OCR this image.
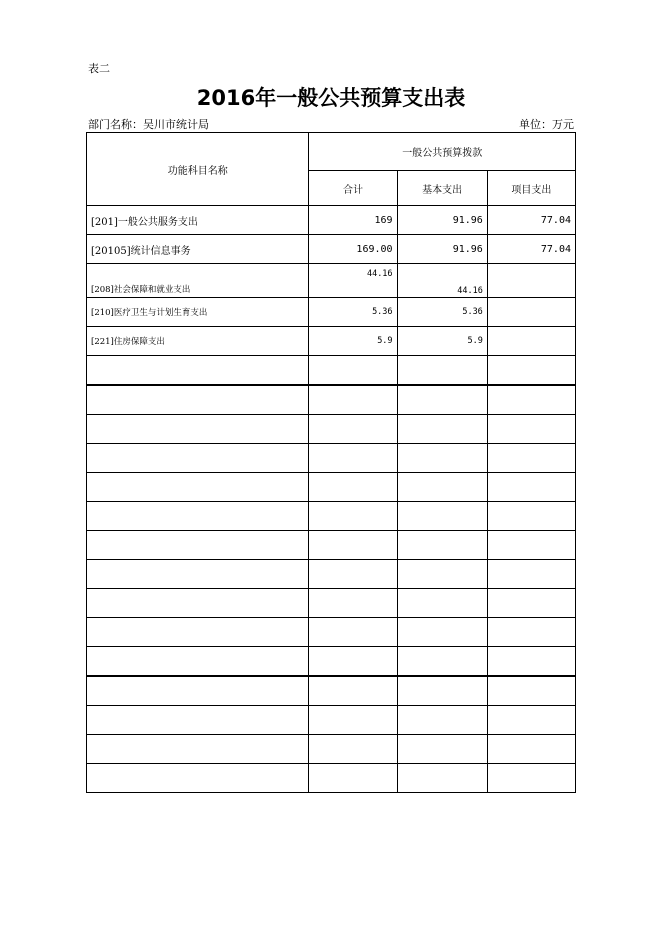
表二
2016年一般公共预算支出表
部门名称：吴川市统计局	单位：万元
功能科目名称	一般公共预算拨款		
	合计	基本支出	项目支出
[201]一般公共服务支出	169	91.96	77.04
[20105]统计信息事务	169.00	91.96	77.04
[208]社会保障和就业支出	44.16	44.16	
[210]医疗卫生与计划生育支出	5.36	5.36	
[221]住房保障支出	5.9	5.9	
